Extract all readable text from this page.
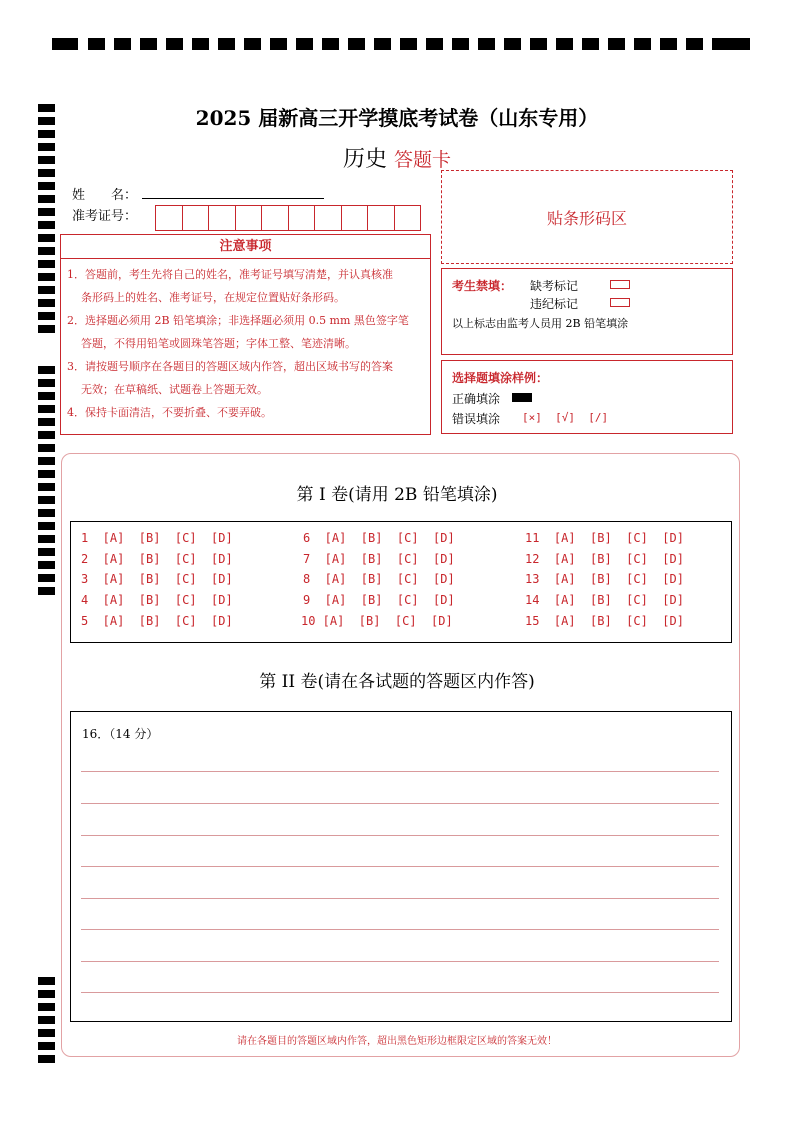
2025 届新高三开学摸底考试卷（山东专用）
历史 答题卡
姓　　名：
准考证号：	贴条形码区
注意事项
1．答题前，考生先将自己的姓名，准考证号填写清楚，并认真核准
条形码上的姓名、准考证号，在规定位置贴好条形码。
2．选择题必须用 2B 铅笔填涂；非选择题必须用 0.5 mm 黑色签字笔
答题，不得用铅笔或圆珠笔答题；字体工整、笔迹清晰。
3．请按题号顺序在各题目的答题区域内作答，超出区域书写的答案
无效；在草稿纸、试题卷上答题无效。
4．保持卡面清洁，不要折叠、不要弄破。
考生禁填： 缺考标记
违纪标记
以上标志由监考人员用 2B 铅笔填涂
选择题填涂样例：
正确填涂
错误填涂 [×]  [√]  [/]
第 I 卷(请用 2B 铅笔填涂)
1  [A]  [B]  [C]  [D]
2  [A]  [B]  [C]  [D]
3  [A]  [B]  [C]  [D]
4  [A]  [B]  [C]  [D]
5  [A]  [B]  [C]  [D]
6  [A]  [B]  [C]  [D]
7  [A]  [B]  [C]  [D]
8  [A]  [B]  [C]  [D]
9  [A]  [B]  [C]  [D]
10 [A]  [B]  [C]  [D]
11  [A]  [B]  [C]  [D]
12  [A]  [B]  [C]  [D]
13  [A]  [B]  [C]  [D]
14  [A]  [B]  [C]  [D]
15  [A]  [B]  [C]  [D]
第 II 卷(请在各试题的答题区内作答)
16．（14 分）
请在各题目的答题区域内作答，超出黑色矩形边框限定区域的答案无效！
